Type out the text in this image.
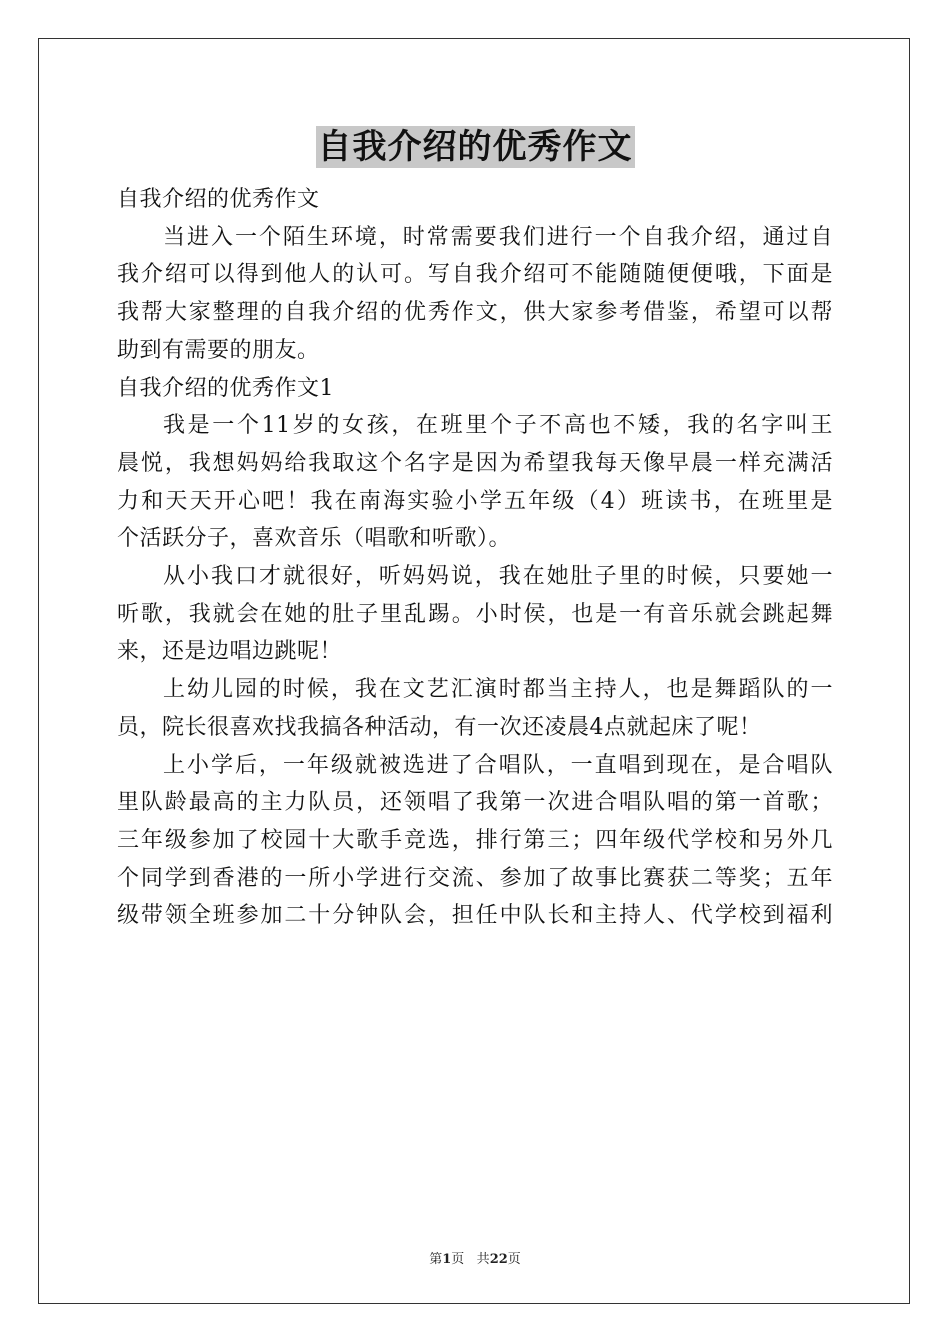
自我介绍的优秀作文
自我介绍的优秀作文
当进入一个陌生环境，时常需要我们进行一个自我介绍，通过自
我介绍可以得到他人的认可。写自我介绍可不能随随便便哦，下面是
我帮大家整理的自我介绍的优秀作文，供大家参考借鉴，希望可以帮
助到有需要的朋友。
自我介绍的优秀作文1
我是一个11岁的女孩，在班里个子不高也不矮，我的名字叫王
晨悦，我想妈妈给我取这个名字是因为希望我每天像早晨一样充满活
力和天天开心吧！我在南海实验小学五年级（4）班读书，在班里是
个活跃分子，喜欢音乐（唱歌和听歌）。
从小我口才就很好，听妈妈说，我在她肚子里的时候，只要她一
听歌，我就会在她的肚子里乱踢。小时侯，也是一有音乐就会跳起舞
来，还是边唱边跳呢！
上幼儿园的时候，我在文艺汇演时都当主持人，也是舞蹈队的一
员，院长很喜欢找我搞各种活动，有一次还凌晨4点就起床了呢！
上小学后，一年级就被选进了合唱队，一直唱到现在，是合唱队
里队龄最高的主力队员，还领唱了我第一次进合唱队唱的第一首歌；
三年级参加了校园十大歌手竞选，排行第三；四年级代学校和另外几
个同学到香港的一所小学进行交流、参加了故事比赛获二等奖；五年
级带领全班参加二十分钟队会，担任中队长和主持人、代学校到福利
第1页 共22页
